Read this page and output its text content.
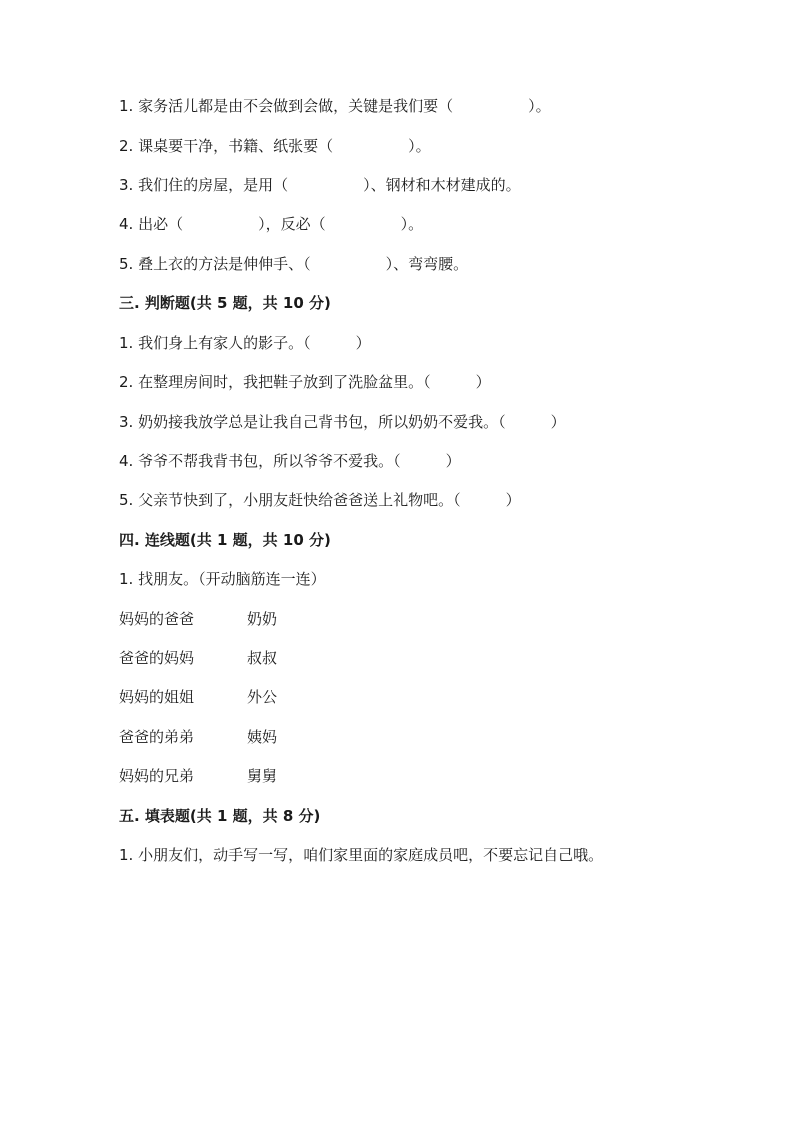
1. 家务活儿都是由不会做到会做，关键是我们要（　　　　　）。
2. 课桌要干净，书籍、纸张要（　　　　　）。
3. 我们住的房屋，是用（　　　　　）、钢材和木材建成的。
4. 出必（　　　　　），反必（　　　　　）。
5. 叠上衣的方法是伸伸手、（　　　　　）、弯弯腰。
三. 判断题(共 5 题，共 10 分)
1. 我们身上有家人的影子。（　　　）
2. 在整理房间时，我把鞋子放到了洗脸盆里。（　　　）
3. 奶奶接我放学总是让我自己背书包，所以奶奶不爱我。（　　　）
4. 爷爷不帮我背书包，所以爷爷不爱我。（　　　）
5. 父亲节快到了，小朋友赶快给爸爸送上礼物吧。（　　　）
四. 连线题(共 1 题，共 10 分)
1. 找朋友。（开动脑筋连一连）
妈妈的爸爸	奶奶
爸爸的妈妈	叔叔
妈妈的姐姐	外公
爸爸的弟弟	姨妈
妈妈的兄弟	舅舅
五. 填表题(共 1 题，共 8 分)
1. 小朋友们，动手写一写，咱们家里面的家庭成员吧，不要忘记自己哦。
